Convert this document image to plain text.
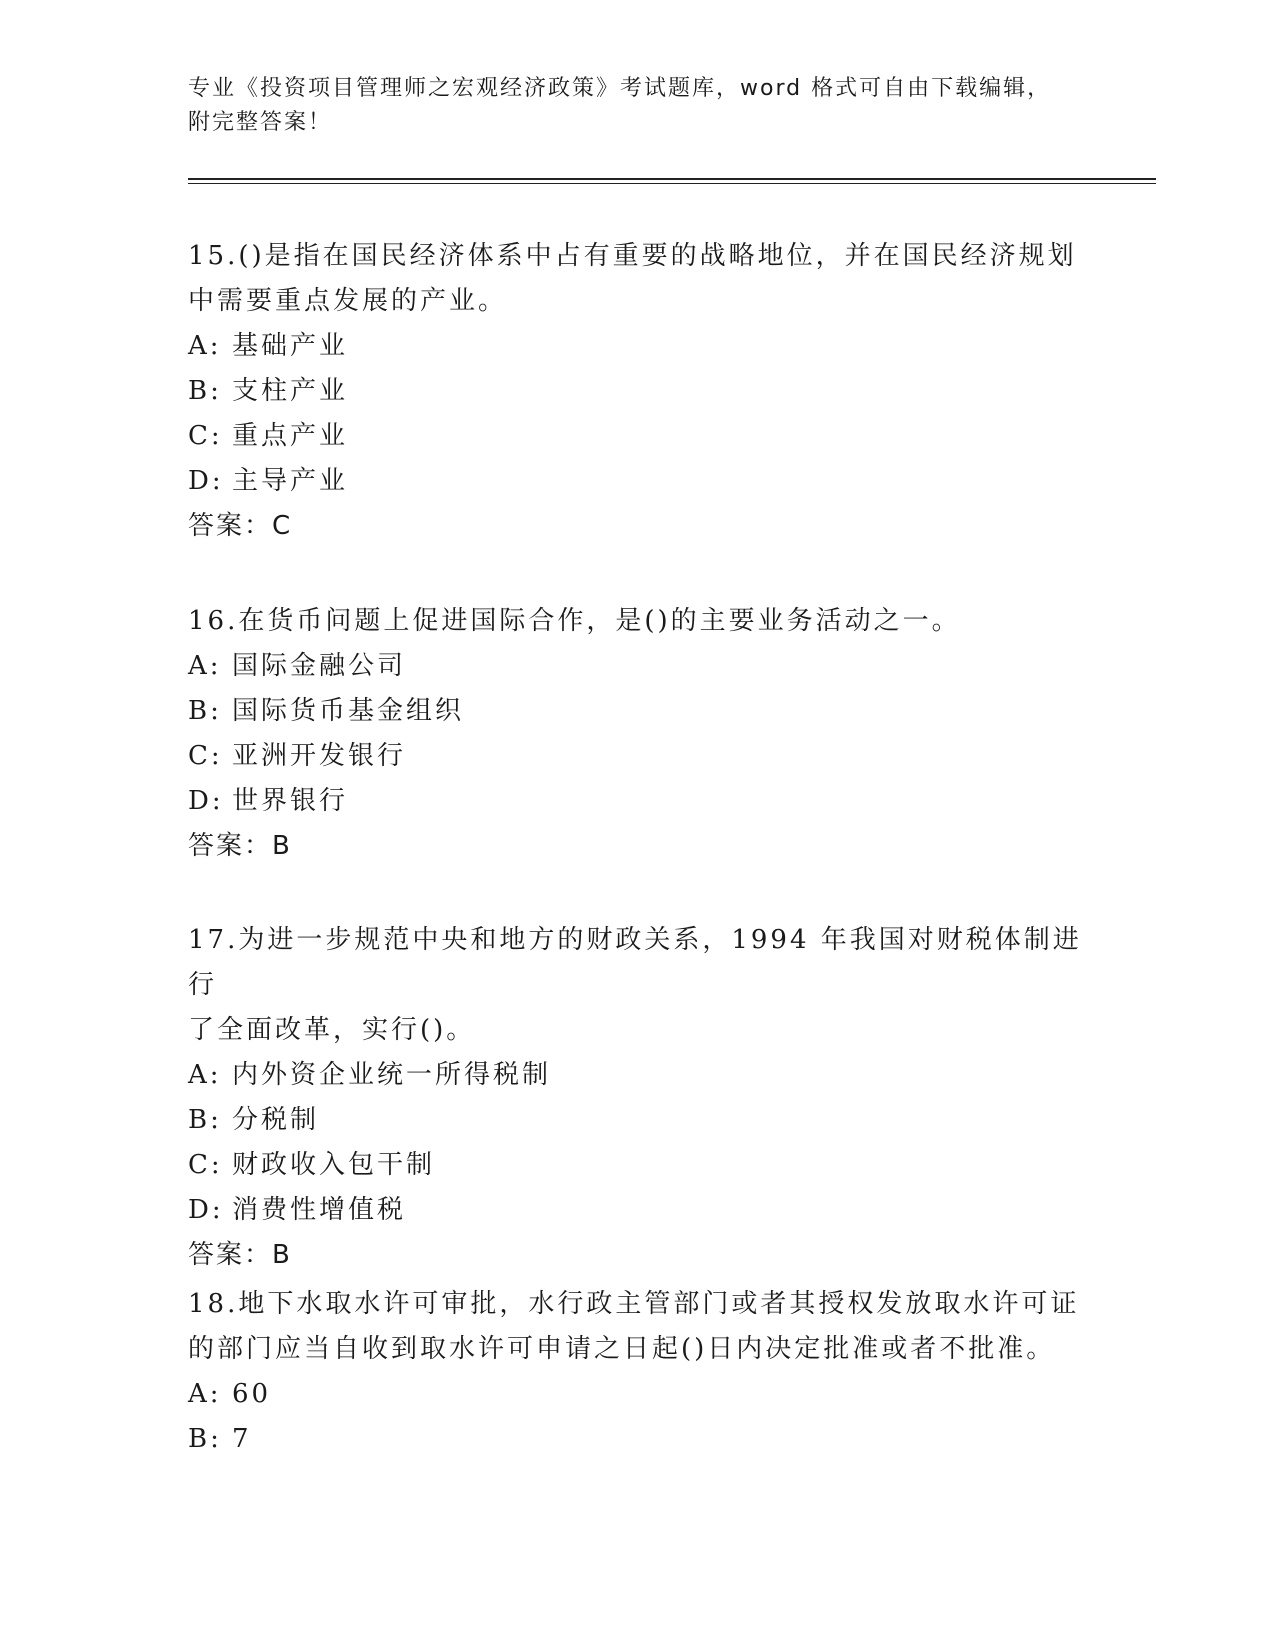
专业《投资项目管理师之宏观经济政策》考试题库，word 格式可自由下载编辑，
附完整答案！
15.()是指在国民经济体系中占有重要的战略地位，并在国民经济规划
中需要重点发展的产业。
A: 基础产业
B: 支柱产业
C: 重点产业
D: 主导产业
答案：C
16.在货币问题上促进国际合作，是()的主要业务活动之一。
A: 国际金融公司
B: 国际货币基金组织
C: 亚洲开发银行
D: 世界银行
答案：B
17.为进一步规范中央和地方的财政关系，1994 年我国对财税体制进行
了全面改革，实行()。
A: 内外资企业统一所得税制
B: 分税制
C: 财政收入包干制
D: 消费性增值税
答案：B
18.地下水取水许可审批，水行政主管部门或者其授权发放取水许可证
的部门应当自收到取水许可申请之日起()日内决定批准或者不批准。
A: 60
B: 7
